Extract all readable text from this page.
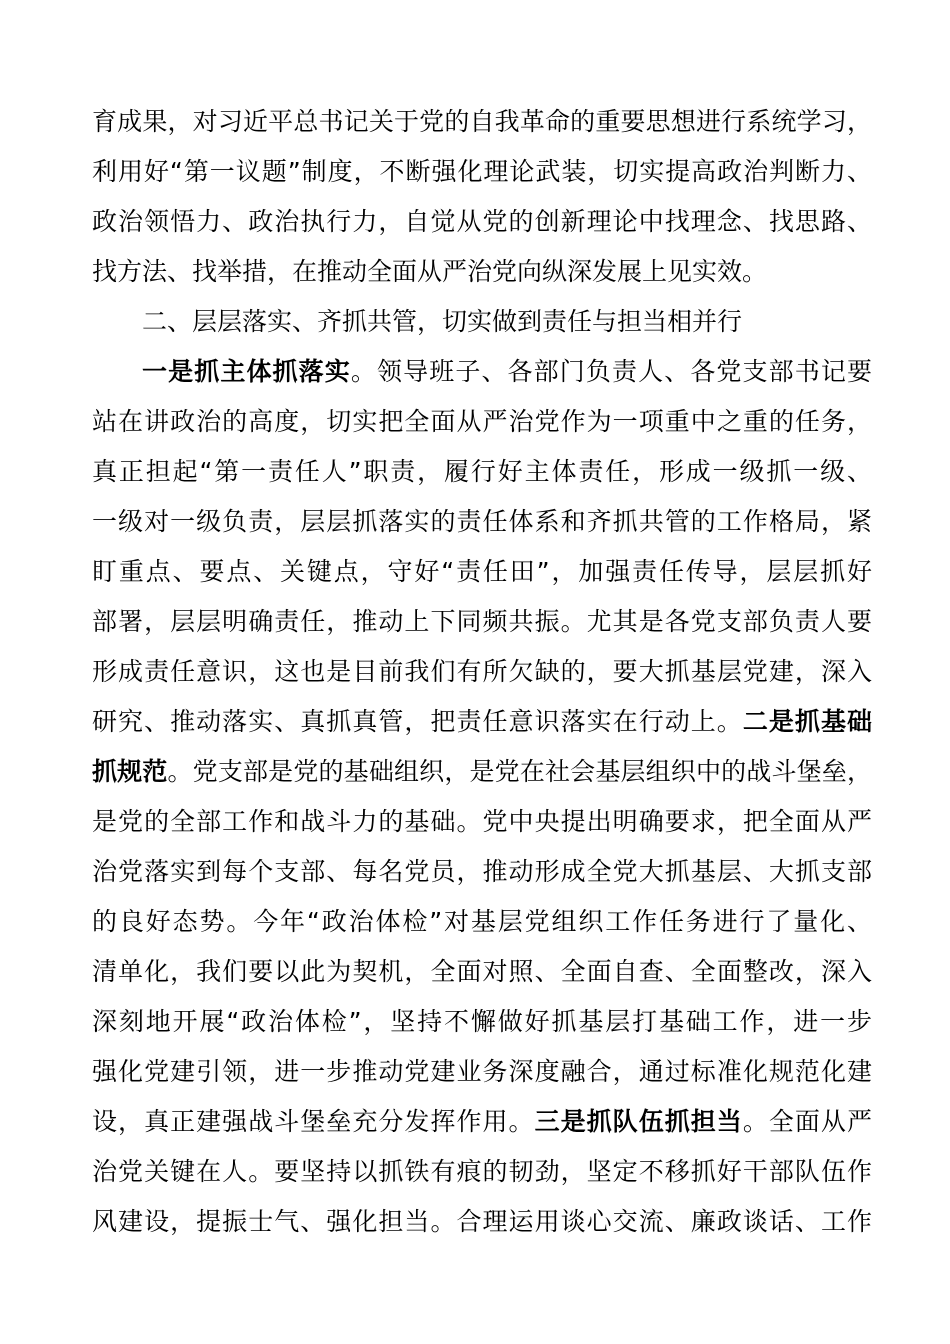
育成果，对习近平总书记关于党的自我革命的重要思想进行系统学习，
利用好“第一议题”制度，不断强化理论武装，切实提高政治判断力、
政治领悟力、政治执行力，自觉从党的创新理论中找理念、找思路、
找方法、找举措，在推动全面从严治党向纵深发展上见实效。
二、层层落实、齐抓共管，切实做到责任与担当相并行
一是抓主体抓落实。领导班子、各部门负责人、各党支部书记要
站在讲政治的高度，切实把全面从严治党作为一项重中之重的任务，
真正担起“第一责任人”职责，履行好主体责任，形成一级抓一级、
一级对一级负责，层层抓落实的责任体系和齐抓共管的工作格局，紧
盯重点、要点、关键点，守好“责任田”，加强责任传导，层层抓好
部署，层层明确责任，推动上下同频共振。尤其是各党支部负责人要
形成责任意识，这也是目前我们有所欠缺的，要大抓基层党建，深入
研究、推动落实、真抓真管，把责任意识落实在行动上。二是抓基础
抓规范。党支部是党的基础组织，是党在社会基层组织中的战斗堡垒，
是党的全部工作和战斗力的基础。党中央提出明确要求，把全面从严
治党落实到每个支部、每名党员，推动形成全党大抓基层、大抓支部
的良好态势。今年“政治体检”对基层党组织工作任务进行了量化、
清单化，我们要以此为契机，全面对照、全面自查、全面整改，深入
深刻地开展“政治体检”，坚持不懈做好抓基层打基础工作，进一步
强化党建引领，进一步推动党建业务深度融合，通过标准化规范化建
设，真正建强战斗堡垒充分发挥作用。三是抓队伍抓担当。全面从严
治党关键在人。要坚持以抓铁有痕的韧劲，坚定不移抓好干部队伍作
风建设，提振士气、强化担当。合理运用谈心交流、廉政谈话、工作
